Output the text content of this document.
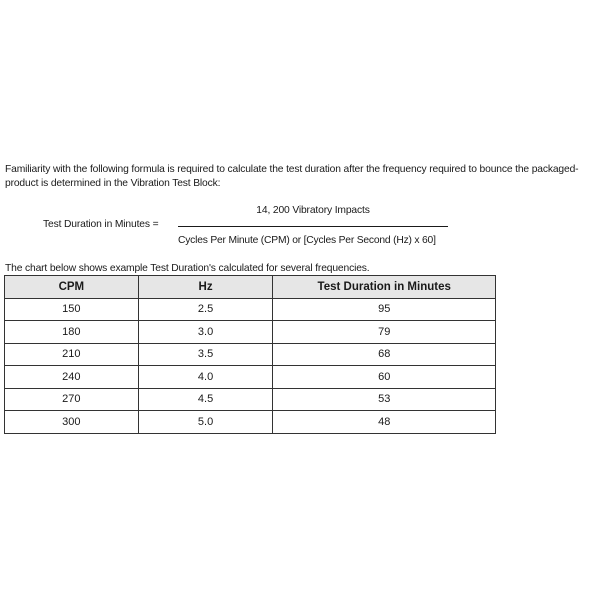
Familiarity with the following formula is required to calculate the test duration after the frequency required to bounce the packaged-product is determined in the Vibration Test Block:
Test Duration in Minutes =
14, 200 Vibratory Impacts
Cycles Per Minute (CPM) or [Cycles Per Second (Hz) x 60]
The chart below shows example Test Duration's calculated for several frequencies.
CPM	Hz	Test Duration in Minutes
150	2.5	95
180	3.0	79
210	3.5	68
240	4.0	60
270	4.5	53
300	5.0	48
